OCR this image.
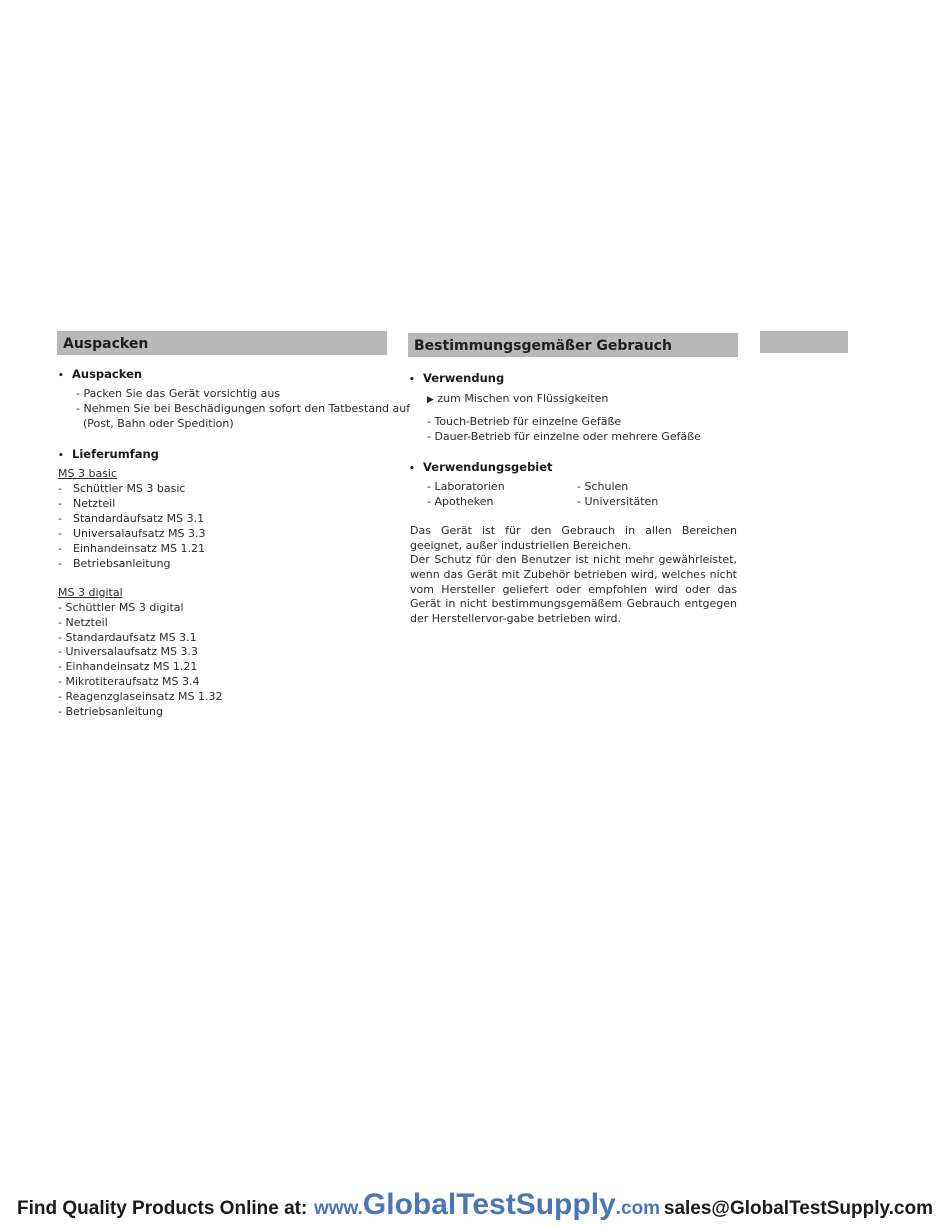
Auspacken
• Auspacken
- Packen Sie das Gerät vorsichtig aus
- Nehmen Sie bei Beschädigungen sofort den Tatbestand auf
(Post, Bahn oder Spedition)
• Lieferumfang
MS 3 basic
- Schüttler MS 3 basic
- Netzteil
- Standardaufsatz MS 3.1
- Universalaufsatz MS 3.3
- Einhandeinsatz MS 1.21
- Betriebsanleitung
MS 3 digital
- Schüttler MS 3 digital
- Netzteil
- Standardaufsatz MS 3.1
- Universalaufsatz MS 3.3
- Einhandeinsatz MS 1.21
- Mikrotiteraufsatz MS 3.4
- Reagenzglaseinsatz MS 1.32
- Betriebsanleitung
Bestimmungsgemäßer Gebrauch
• Verwendung
▶ zum Mischen von Flüssigkeiten
- Touch-Betrieb für einzelne Gefäße
- Dauer-Betrieb für einzelne oder mehrere Gefäße
• Verwendungsgebiet
- Laboratorien	- Schulen
- Apotheken	- Universitäten
Das Gerät ist für den Gebrauch in allen Bereichen geeignet, außer industriellen Bereichen.
Der Schutz für den Benutzer ist nicht mehr gewährleistet, wenn das Gerät mit Zubehör betrieben wird, welches nicht vom Hersteller geliefert oder empfohlen wird oder das Gerät in nicht bestimmungsgemäßem Gebrauch entgegen der Herstellervor-gabe betrieben wird.
Find Quality Products Online at: www.GlobalTestSupply.com sales@GlobalTestSupply.com
